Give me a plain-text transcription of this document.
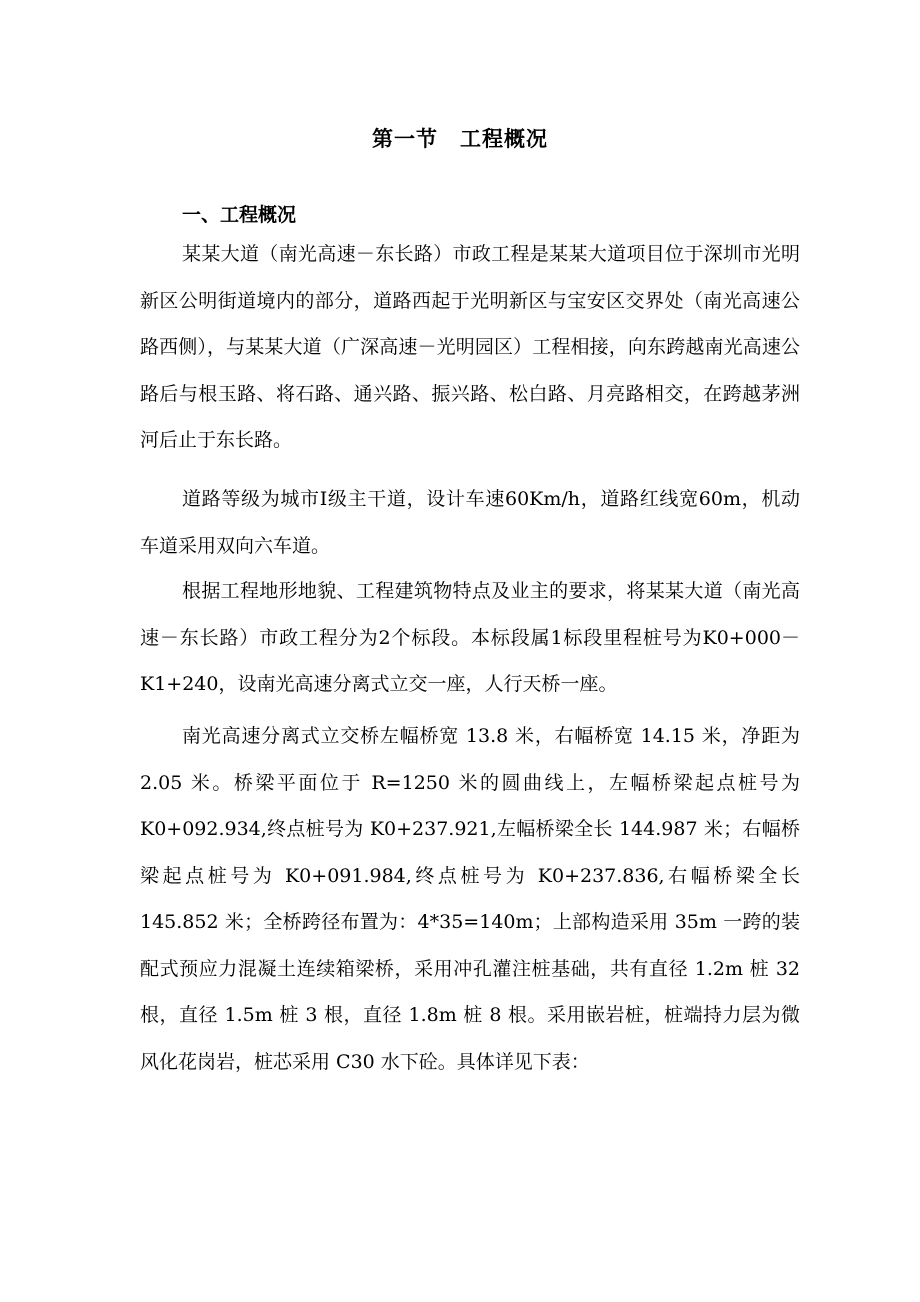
第一节 工程概况
一、工程概况

某某大道（南光高速－东长路）市政工程是某某大道项目位于深圳市光明新区公明街道境内的部分，道路西起于光明新区与宝安区交界处（南光高速公路西侧），与某某大道（广深高速－光明园区）工程相接，向东跨越南光高速公路后与根玉路、将石路、通兴路、振兴路、松白路、月亮路相交，在跨越茅洲河后止于东长路。

道路等级为城市Ⅰ级主干道，设计车速60Km/h，道路红线宽60m，机动车道采用双向六车道。

根据工程地形地貌、工程建筑物特点及业主的要求，将某某大道（南光高速－东长路）市政工程分为2个标段。本标段属1标段里程桩号为K0+000－K1+240，设南光高速分离式立交一座，人行天桥一座。

南光高速分离式立交桥左幅桥宽 13.8 米，右幅桥宽 14.15 米，净距为 2.05 米。桥梁平面位于 R=1250 米的圆曲线上，左幅桥梁起点桩号为 K0+092.934,终点桩号为 K0+237.921,左幅桥梁全长 144.987 米；右幅桥梁起点桩号为 K0+091.984,终点桩号为 K0+237.836,右幅桥梁全长 145.852 米；全桥跨径布置为：4*35=140m；上部构造采用 35m 一跨的装配式预应力混凝土连续箱梁桥，采用冲孔灌注桩基础，共有直径 1.2m 桩 32 根，直径 1.5m 桩 3 根，直径 1.8m 桩 8 根。采用嵌岩桩，桩端持力层为微风化花岗岩，桩芯采用 C30 水下砼。具体详见下表：
